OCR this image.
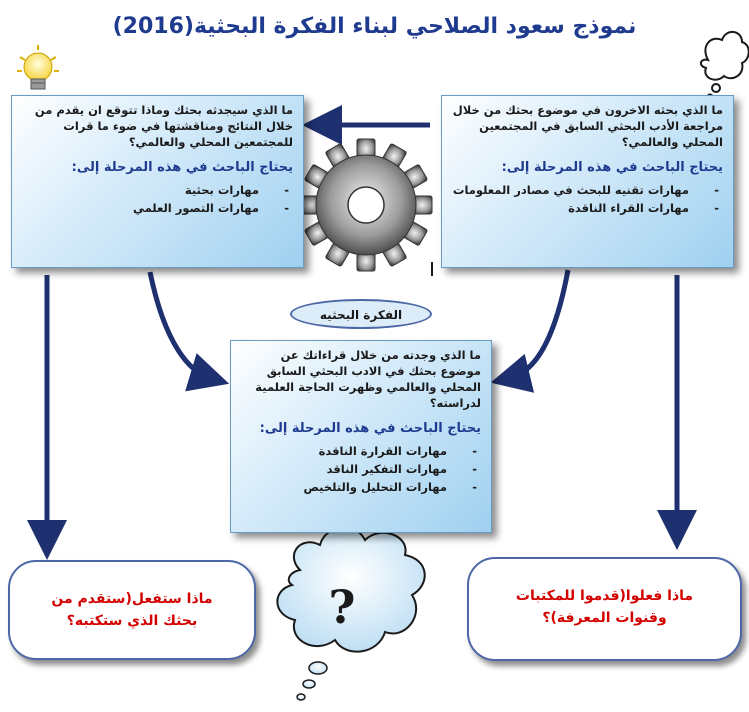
نموذج سعود الصلاحي لبناء الفكرة البحثية(2016)
?
ما الذي بحثه الاخرون في موضوع بحثك من خلال مراجعة الأدب البحثي السابق في المجتمعين المحلي والعالمي؟
يحتاج الباحث في هذه المرحلة إلى:
- مهارات تقنيه للبحث في مصادر المعلومات
- مهارات القراء الناقدة
ما الذي سيجدثه بحثك وماذا تتوقع ان يقدم من خلال النتائج ومناقشتها في ضوء ما قرات للمجتمعين المحلي والعالمي؟
يحتاج الباحث في هذه المرحلة إلى:
- مهارات بحثية
- مهارات التصور العلمي
الفكرة البحثيه
ما الذي وجدته من خلال قراءاتك عن موضوع بحثك في الادب البحثي السابق المحلي والعالمي وظهرت الحاجة العلمية لدراسته؟
يحتاج الباحث في هذه المرحلة إلى:
- مهارات القرارة الناقدة
- مهارات التفكير الناقد
- مهارات التحليل والتلخيص
ماذا فعلوا(قدموا للمكتبات وقنوات المعرفة)؟
ماذا ستفعل(ستقدم من بحثك الذي ستكتبه؟
